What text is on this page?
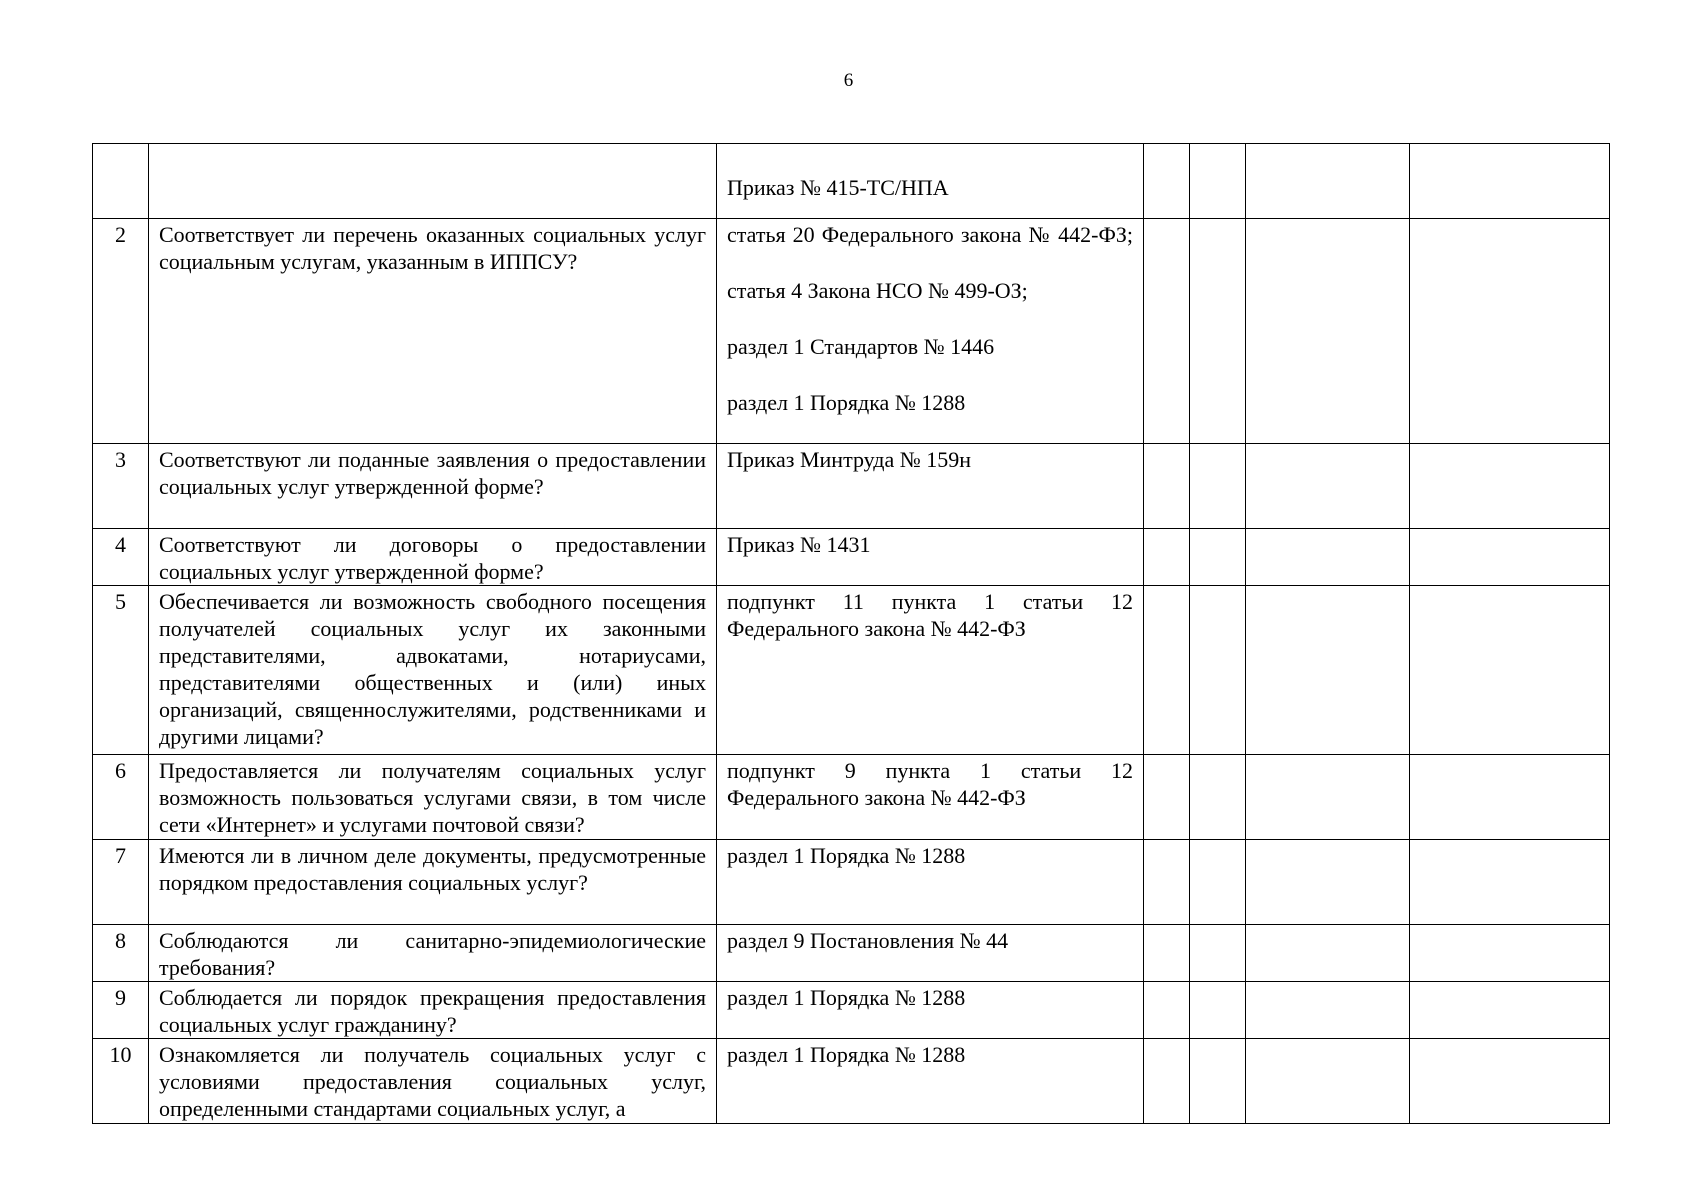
6

		Приказ № 415-ТС/НПА				

2	Соответствует ли перечень оказанных социальных услуг социальным услугам, указанным в ИППСУ?	статья 20 Федерального закона № 442-ФЗ;

статья 4 Закона НСО № 499-ОЗ;

раздел 1 Стандартов № 1446

раздел 1 Порядка № 1288				

3	Соответствуют ли поданные заявления о предоставлении социальных услуг утвержденной форме?	Приказ Минтруда № 159н				

4	Соответствуют ли договоры о предоставлении социальных услуг утвержденной форме?	Приказ № 1431				

5	Обеспечивается ли возможность свободного посещения получателей социальных услуг их законными представителями, адвокатами, нотариусами, представителями общественных и (или) иных организаций, священнослужителями, родственниками и другими лицами?	подпункт 11 пункта 1 статьи 12 Федерального закона № 442-ФЗ				

6	Предоставляется ли получателям социальных услуг возможность пользоваться услугами связи, в том числе сети «Интернет» и услугами почтовой связи?	подпункт 9 пункта 1 статьи 12 Федерального закона № 442-ФЗ				

7	Имеются ли в личном деле документы, предусмотренные порядком предоставления социальных услуг?	раздел 1 Порядка № 1288				

8	Соблюдаются ли санитарно-эпидемиологические требования?	раздел 9 Постановления № 44				

9	Соблюдается ли порядок прекращения предоставления социальных услуг гражданину?	раздел 1 Порядка № 1288				

10	Ознакомляется ли получатель социальных услуг с условиями предоставления социальных услуг, определенными стандартами социальных услуг, а	раздел 1 Порядка № 1288				
